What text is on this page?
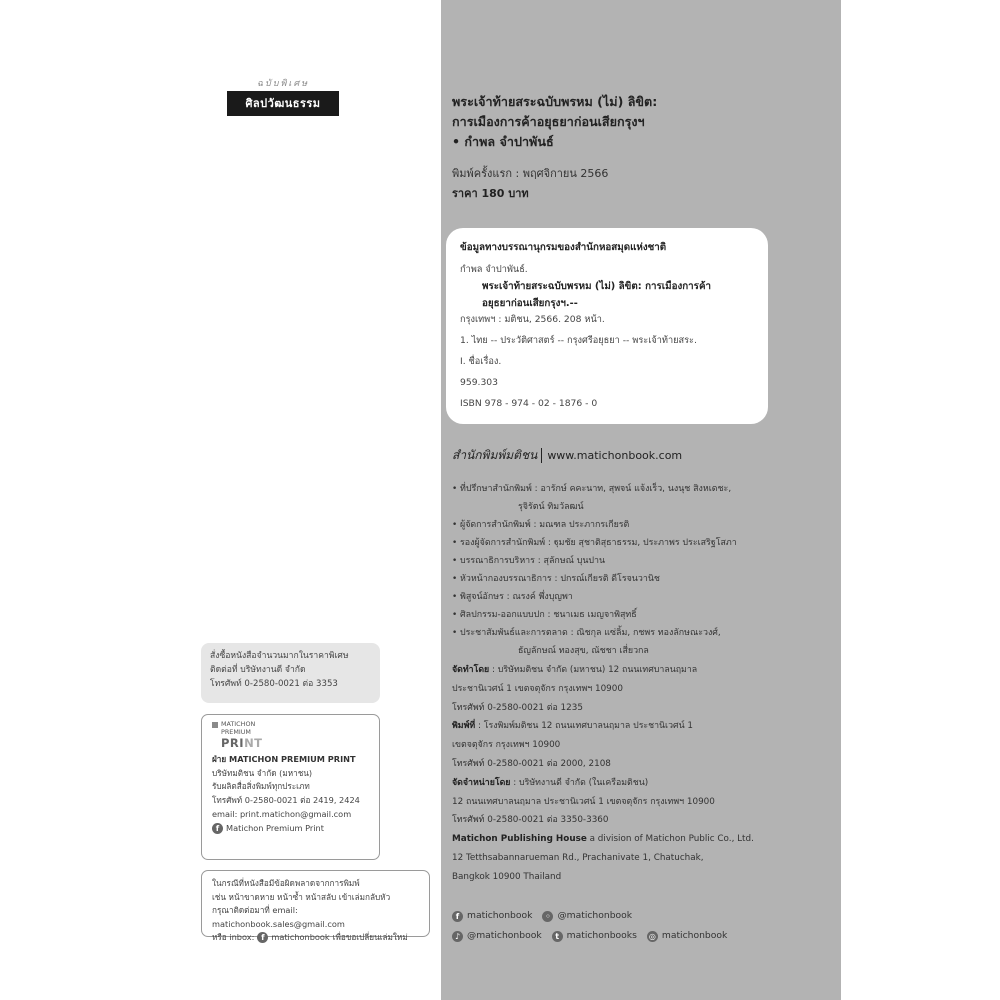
ฉบับพิเศษ
ศิลปวัฒนธรรม	พระเจ้าท้ายสระฉบับพรหม (ไม่) ลิขิต:
การเมืองการค้าอยุธยาก่อนเสียกรุงฯ
• กำพล จำปาพันธ์
พิมพ์ครั้งแรก : พฤศจิกายน 2566
ราคา 180 บาท
ข้อมูลทางบรรณานุกรมของสำนักหอสมุดแห่งชาติ
กำพล จำปาพันธ์.
พระเจ้าท้ายสระฉบับพรหม (ไม่) ลิขิต: การเมืองการค้า
อยุธยาก่อนเสียกรุงฯ.--
กรุงเทพฯ : มติชน, 2566. 208 หน้า.
1. ไทย -- ประวัติศาสตร์ -- กรุงศรีอยุธยา -- พระเจ้าท้ายสระ.
I. ชื่อเรื่อง.
959.303
ISBN 978 - 974 - 02 - 1876 - 0
สำนักพิมพ์มติชน www.matichonbook.com
• ที่ปรึกษาสำนักพิมพ์ : อารักษ์ คคะนาท, สุพจน์ แจ้งเร็ว, นงนุช สิงหเดชะ,
รุจิรัตน์ ทิมวัลฒน์
• ผู้จัดการสำนักพิมพ์ : มณฑล ประภากรเกียรติ
• รองผู้จัดการสำนักพิมพ์ : ฐุมชัย สุชาติสุธาธรรม, ประภาพร ประเสริฐโสภา
• บรรณาธิการบริหาร : สุลักษณ์ บุนปาน
• หัวหน้ากองบรรณาธิการ : ปกรณ์เกียรติ ดีโรจนวานิช
• พิสูจน์อักษร : ณรงค์ พึ่งบุญพา
• ศิลปกรรม-ออกแบบปก : ชนาเมธ เมญจาพิสุทธิ์
• ประชาสัมพันธ์และการตลาด : ณิชกุล แซ่ลิ้ม, กชพร ทองลักษณะวงศ์,
ธัญลักษณ์ ทองสุข, ณัชชา เสี่ยวกล
จัดทำโดย : บริษัทมติชน จำกัด (มหาชน) 12 ถนนเทศบาลนฤมาล
ประชานิเวศน์ 1 เขตจตุจักร กรุงเทพฯ 10900
โทรศัพท์ 0-2580-0021 ต่อ 1235
พิมพ์ที่ : โรงพิมพ์มติชน 12 ถนนเทศบาลนฤมาล ประชานิเวศน์ 1
เขตจตุจักร กรุงเทพฯ 10900
โทรศัพท์ 0-2580-0021 ต่อ 2000, 2108
จัดจำหน่ายโดย : บริษัทงานดี จำกัด (ในเครือมติชน)
12 ถนนเทศบาลนฤมาล ประชานิเวศน์ 1 เขตจตุจักร กรุงเทพฯ 10900
โทรศัพท์ 0-2580-0021 ต่อ 3350-3360
Matichon Publishing House a division of Matichon Public Co., Ltd.
12 Tetthsabannarueman Rd., Prachanivate 1, Chatuchak,
Bangkok 10900 Thailand
f matichonbook	◦ @matichonbook
♪ @matichonbook	t matichonbooks ◎ matichonbook
สั่งซื้อหนังสือจำนวนมากในราคาพิเศษ
ติดต่อที่ บริษัทงานดี จำกัด
โทรศัพท์ 0-2580-0021 ต่อ 3353
MATICHON
PREMIUM
PRINT
ฝ่าย MATICHON PREMIUM PRINT
บริษัทมติชน จำกัด (มหาชน)
รับผลิตสื่อสิ่งพิมพ์ทุกประเภท
โทรศัพท์ 0-2580-0021 ต่อ 2419, 2424
email: print.matichon@gmail.com
f Matichon Premium Print
ในกรณีที่หนังสือมีข้อผิดพลาดจากการพิมพ์
เช่น หน้าขาดหาย หน้าซ้ำ หน้าสลับ เข้าเล่มกลับหัว
กรุณาติดต่อมาที่ email: matichonbook.sales@gmail.com
หรือ inbox: f matichonbook เพื่อขอเปลี่ยนเล่มใหม่
